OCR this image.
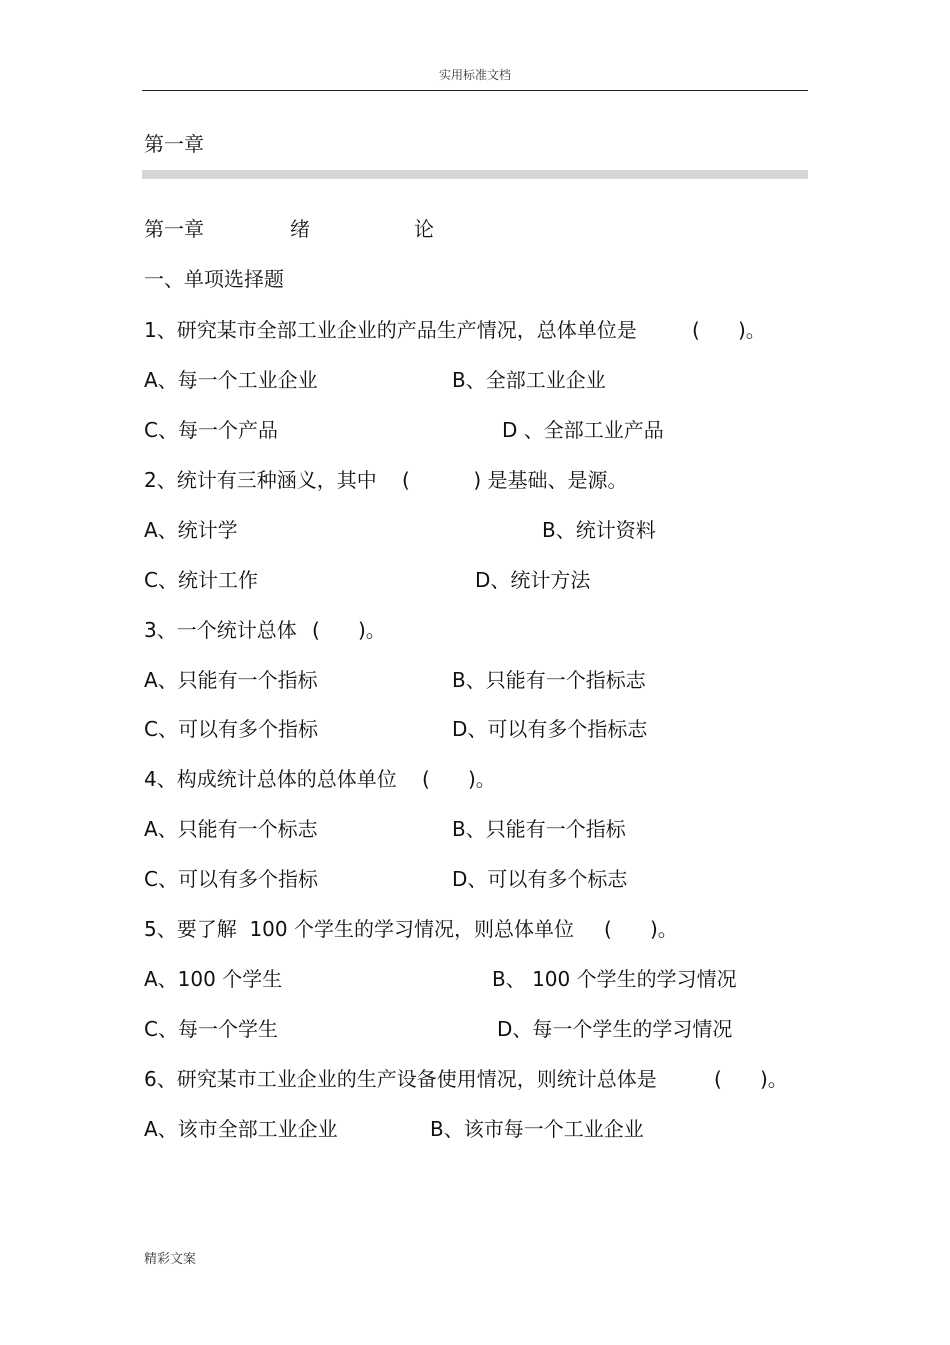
实用标准文档
第一章
第一章	绪	论
一、单项选择题
1、研究某市全部工业企业的产品生产情况，总体单位是	(      )。
A、每一个工业企业	B、全部工业企业
C、每一个产品	D 、全部工业产品
2、统计有三种涵义，其中 (          ) 是基础、是源。
A、统计学	B、统计资料
C、统计工作	D、统计方法
3、一个统计总体 (      )。
A、只能有一个指标	B、只能有一个指标志
C、可以有多个指标	D、可以有多个指标志
4、构成统计总体的总体单位 (      )。
A、只能有一个标志	B、只能有一个指标
C、可以有多个指标	D、可以有多个标志
5、要了解  100 个学生的学习情况，则总体单位 (      )。
A、100 个学生	B、 100 个学生的学习情况
C、每一个学生	D、每一个学生的学习情况
6、研究某市工业企业的生产设备使用情况，则统计总体是	(      )。
A、该市全部工业企业	B、该市每一个工业企业
精彩文案
